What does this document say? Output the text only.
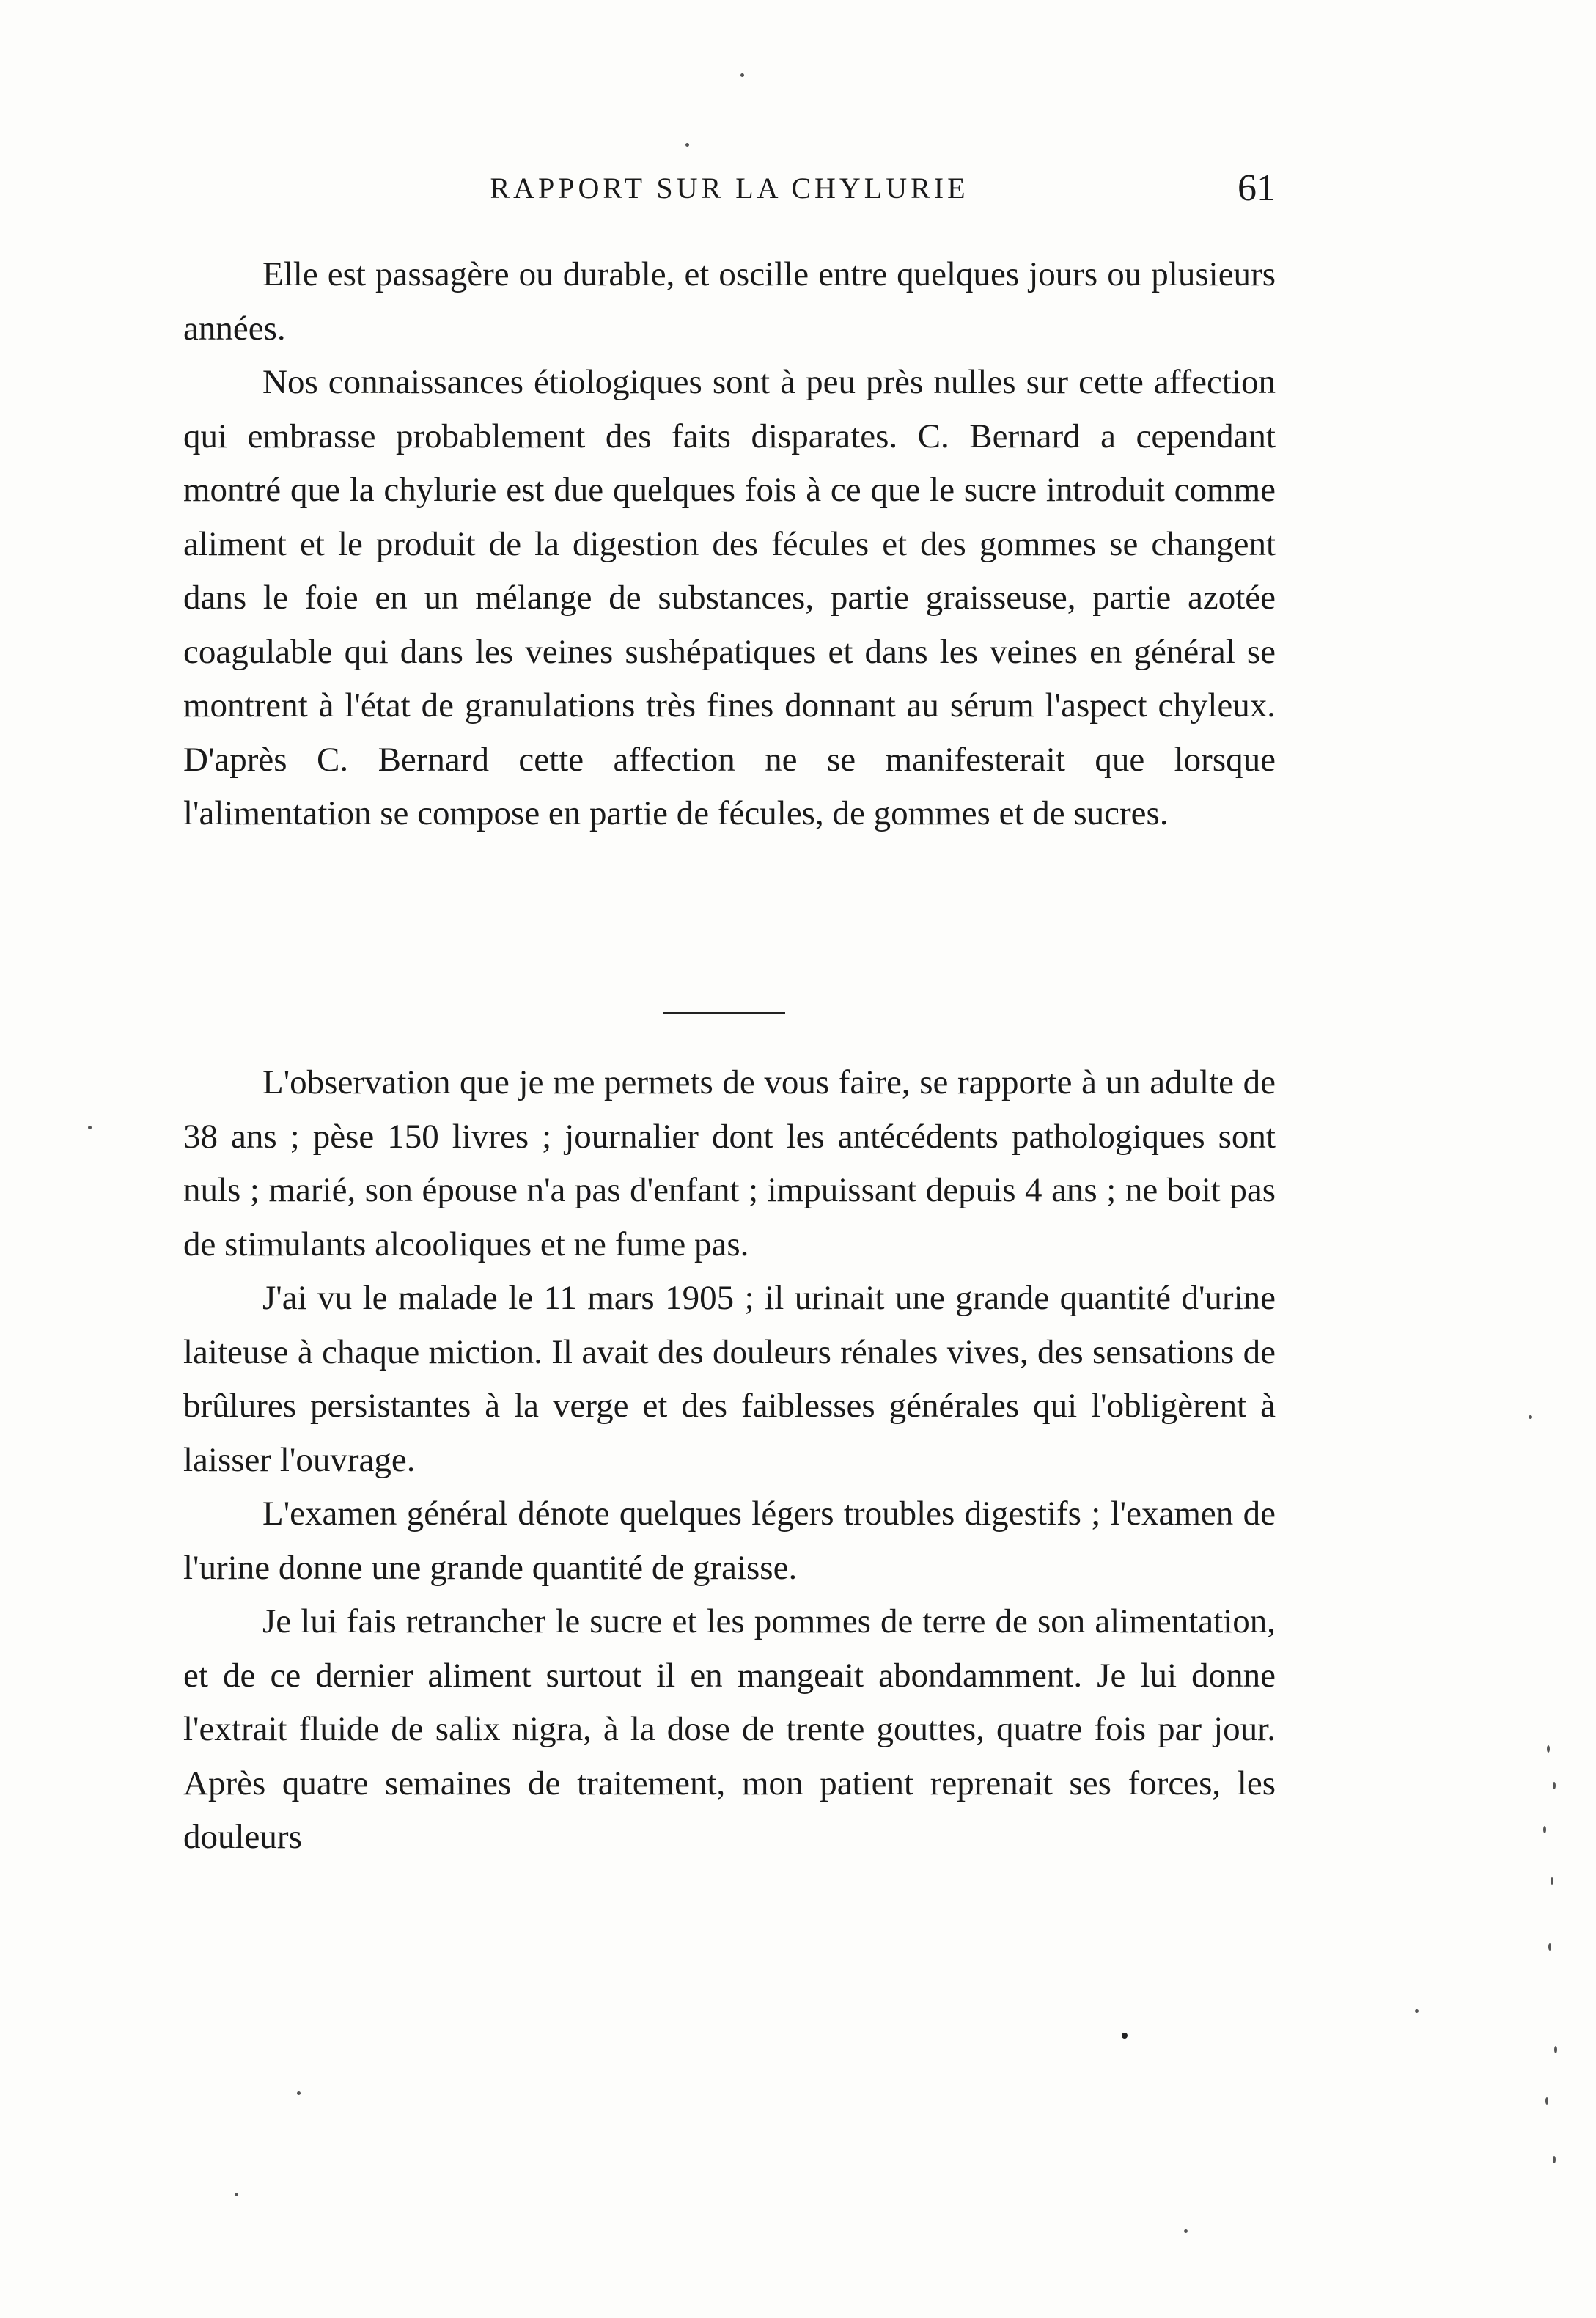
RAPPORT SUR LA CHYLURIE	61

Elle est passagère ou durable, et oscille entre quelques jours ou plusieurs années.

Nos connaissances étiologiques sont à peu près nulles sur cette affection qui embrasse probablement des faits disparates. C. Bernard a cependant montré que la chylurie est due quelques fois à ce que le sucre introduit comme aliment et le produit de la digestion des fécules et des gommes se changent dans le foie en un mélange de substances, partie graisseuse, partie azotée coagulable qui dans les veines sushépatiques et dans les veines en général se montrent à l'état de granulations très fines donnant au sérum l'aspect chyleux. D'après C. Bernard cette affection ne se manifesterait que lorsque l'alimentation se compose en partie de fécules, de gommes et de sucres.

L'observation que je me permets de vous faire, se rapporte à un adulte de 38 ans ; pèse 150 livres ; journalier dont les antécédents pathologiques sont nuls ; marié, son épouse n'a pas d'enfant ; impuissant depuis 4 ans ; ne boit pas de stimulants alcooliques et ne fume pas.

J'ai vu le malade le 11 mars 1905 ; il urinait une grande quantité d'urine laiteuse à chaque miction. Il avait des douleurs rénales vives, des sensations de brûlures persistantes à la verge et des faiblesses générales qui l'obligèrent à laisser l'ouvrage.

L'examen général dénote quelques légers troubles digestifs ; l'examen de l'urine donne une grande quantité de graisse.

Je lui fais retrancher le sucre et les pommes de terre de son alimentation, et de ce dernier aliment surtout il en mangeait abondamment. Je lui donne l'extrait fluide de salix nigra, à la dose de trente gouttes, quatre fois par jour. Après quatre semaines de traitement, mon patient reprenait ses forces, les douleurs
